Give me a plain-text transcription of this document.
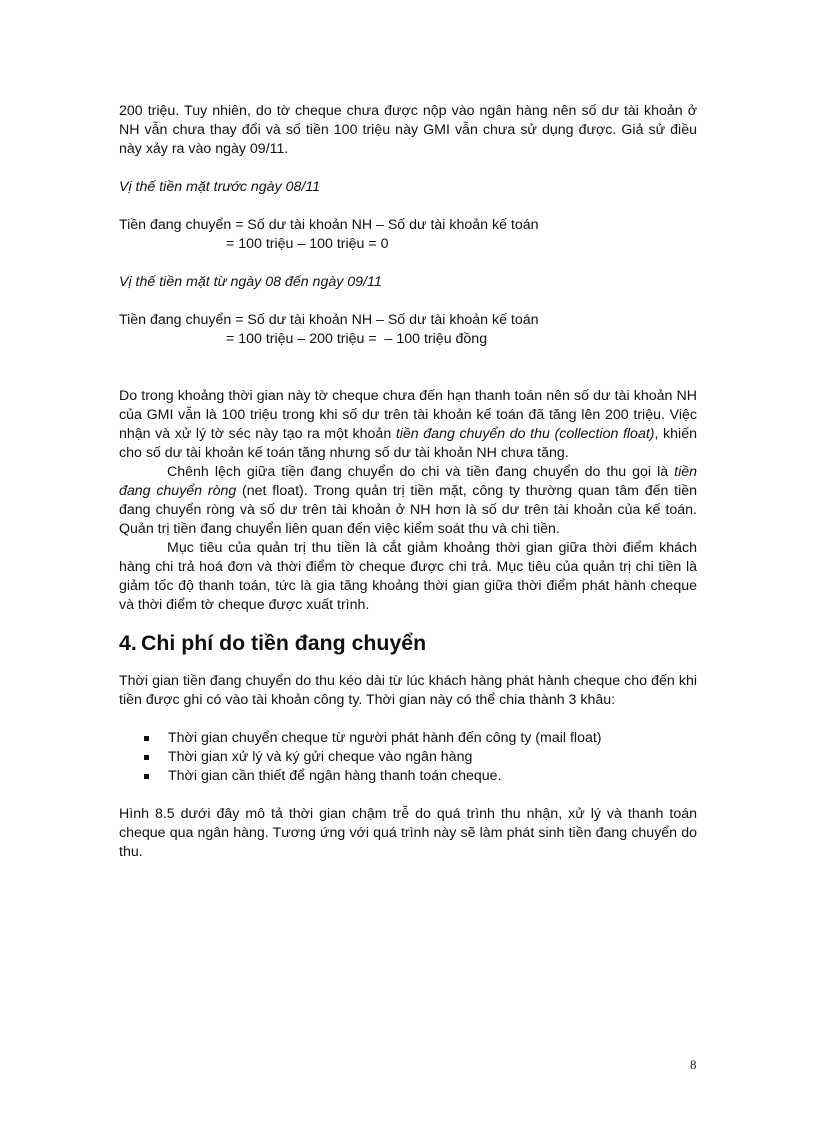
200 triệu. Tuy nhiên, do tờ cheque chưa được nộp vào ngân hàng nên số dư tài khoản ở NH vẫn chưa thay đổi và số tiền 100 triệu này GMI vẫn chưa sử dụng được. Giả sử điều này xảy ra vào ngày 09/11.

Vị thế tiền mặt trước ngày 08/11

Tiền đang chuyển = Số dư tài khoản NH – Số dư tài khoản kế toán
= 100 triệu – 100 triệu = 0

Vị thế tiền mặt từ ngày 08 đến ngày 09/11

Tiền đang chuyển = Số dư tài khoản NH – Số dư tài khoản kế toán
= 100 triệu – 200 triệu =  – 100 triệu đồng

Do trong khoảng thời gian này tờ cheque chưa đến hạn thanh toán nên số dư tài khoản NH của GMI vẫn là 100 triệu trong khi số dư trên tài khoản kế toán đã tăng lên 200 triệu. Việc nhận và xử lý tờ séc này tạo ra một khoản tiền đang chuyển do thu (collection float), khiến cho số dư tài khoản kế toán tăng nhưng số dư tài khoản NH chưa tăng.

Chênh lệch giữa tiền đang chuyển do chi và tiền đang chuyển do thu gọi là tiền đang chuyển ròng (net float). Trong quản trị tiền mặt, công ty thường quan tâm đến tiền đang chuyển ròng và số dư trên tài khoản ở NH hơn là số dư trên tài khoản của kế toán. Quản trị tiền đang chuyển liên quan đến việc kiểm soát thu và chi tiền.

Mục tiêu của quản trị thu tiền là cắt giảm khoảng thời gian giữa thời điểm khách hàng chi trả hoá đơn và thời điểm tờ cheque được chi trả. Mục tiêu của quản trị chi tiền là giảm tốc độ thanh toán, tức là gia tăng khoảng thời gian giữa thời điểm phát hành cheque và thời điểm tờ cheque được xuất trình.

4. Chi phí do tiền đang chuyển

Thời gian tiền đang chuyển do thu kéo dài từ lúc khách hàng phát hành cheque cho đến khi tiền được ghi có vào tài khoản công ty. Thời gian này có thể chia thành 3 khâu:

Thời gian chuyển cheque từ người phát hành đến công ty (mail float)
Thời gian xử lý và ký gửi cheque vào ngân hàng
Thời gian cần thiết để ngân hàng thanh toán cheque.

Hình 8.5 dưới đây mô tả thời gian chậm trễ do quá trình thu nhận, xử lý và thanh toán cheque qua ngân hàng. Tương ứng với quá trình này sẽ làm phát sinh tiền đang chuyển do thu.

8
